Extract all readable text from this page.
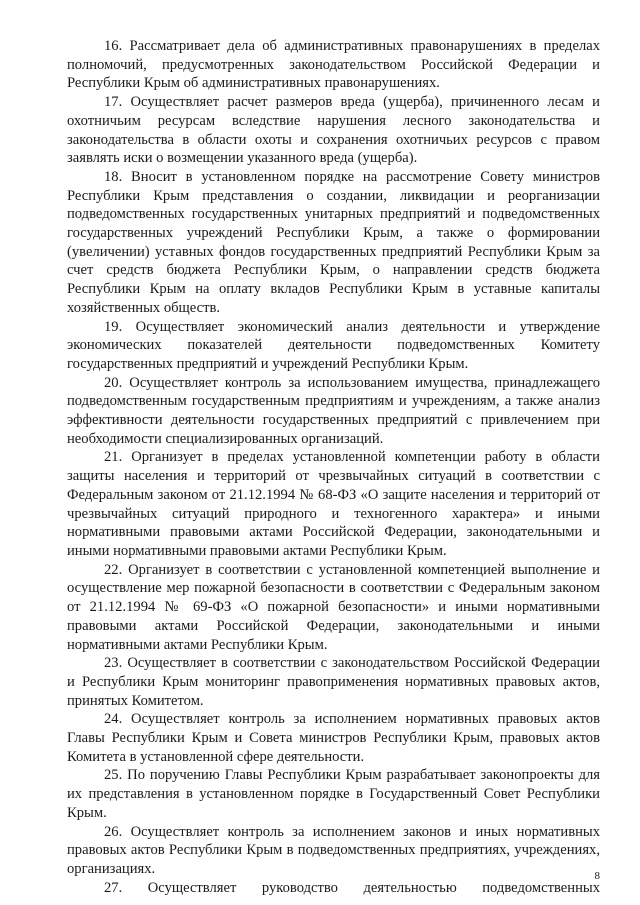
16. Рассматривает дела об административных правонарушениях в пределах полномочий, предусмотренных законодательством Российской Федерации и Республики Крым об административных правонарушениях.

17. Осуществляет расчет размеров вреда (ущерба), причиненного лесам и охотничьим ресурсам вследствие нарушения лесного законодательства и законодательства в области охоты и сохранения охотничьих ресурсов с правом заявлять иски о возмещении указанного вреда (ущерба).

18. Вносит в установленном порядке на рассмотрение Совету министров Республики Крым представления о создании, ликвидации и реорганизации подведомственных государственных унитарных предприятий и подведомственных государственных учреждений Республики Крым, а также о формировании (увеличении) уставных фондов государственных предприятий Республики Крым за счет средств бюджета Республики Крым, о направлении средств бюджета Республики Крым на оплату вкладов Республики Крым в уставные капиталы хозяйственных обществ.

19. Осуществляет экономический анализ деятельности и утверждение экономических показателей деятельности подведомственных Комитету государственных предприятий и учреждений Республики Крым.

20. Осуществляет контроль за использованием имущества, принадлежащего подведомственным государственным предприятиям и учреждениям, а также анализ эффективности деятельности государственных предприятий с привлечением при необходимости специализированных организаций.

21. Организует в пределах установленной компетенции работу в области защиты населения и территорий от чрезвычайных ситуаций в соответствии с Федеральным законом от 21.12.1994 № 68-ФЗ «О защите населения и территорий от чрезвычайных ситуаций природного и техногенного характера» и иными нормативными правовыми актами Российской Федерации, законодательными и иными нормативными правовыми актами Республики Крым.

22. Организует в соответствии с установленной компетенцией выполнение и осуществление мер пожарной безопасности в соответствии с Федеральным законом от 21.12.1994 № 69-ФЗ «О пожарной безопасности» и иными нормативными правовыми актами Российской Федерации, законодательными и иными нормативными актами Республики Крым.

23. Осуществляет в соответствии с законодательством Российской Федерации и Республики Крым мониторинг правоприменения нормативных правовых актов, принятых Комитетом.

24. Осуществляет контроль за исполнением нормативных правовых актов Главы Республики Крым и Совета министров Республики Крым, правовых актов Комитета в установленной сфере деятельности.

25. По поручению Главы Республики Крым разрабатывает законопроекты для их представления в установленном порядке в Государственный Совет Республики Крым.

26. Осуществляет контроль за исполнением законов и иных нормативных правовых актов Республики Крым в подведомственных предприятиях, учреждениях, организациях.

27. Осуществляет руководство деятельностью подведомственных

8
